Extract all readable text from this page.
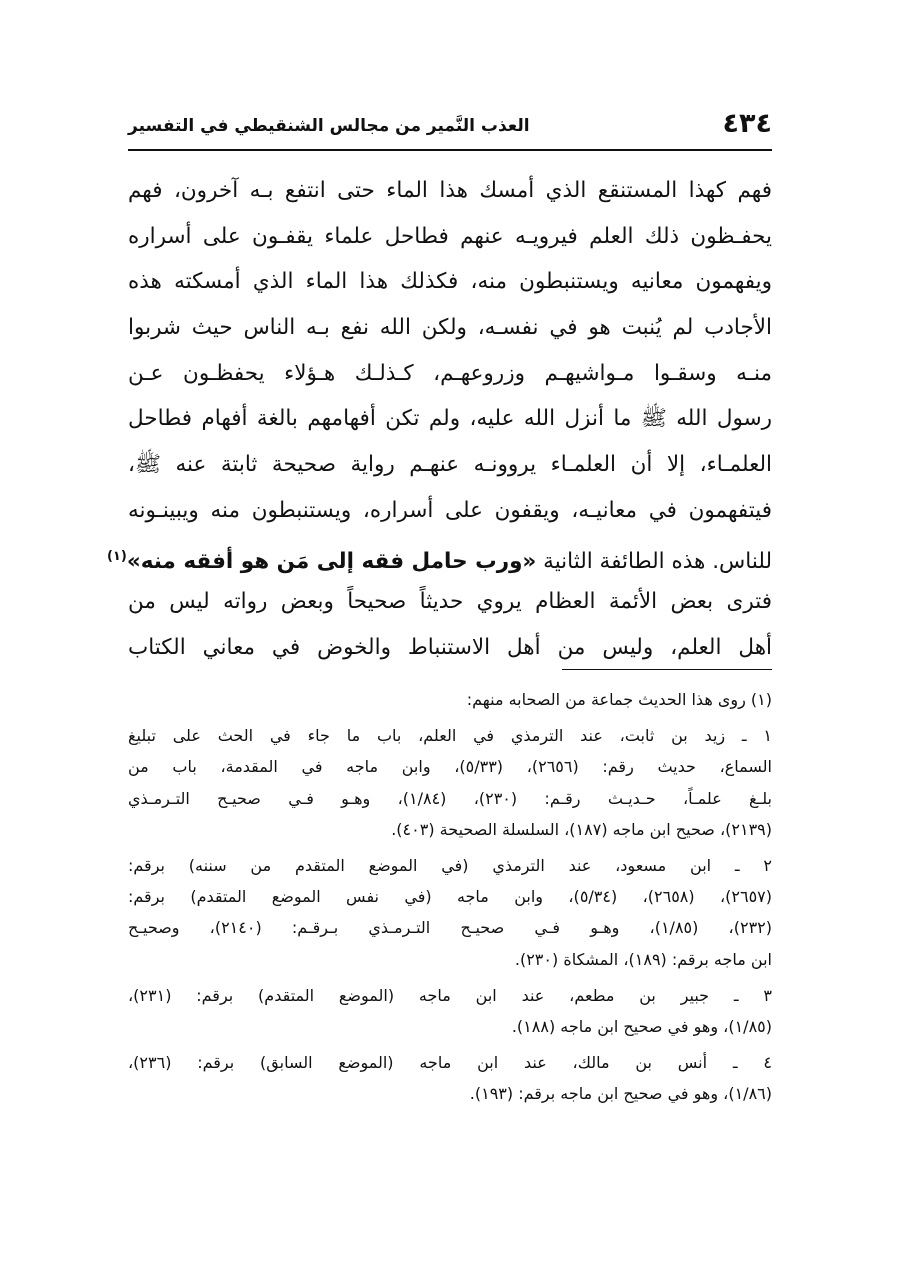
٤٣٤
العذب النَّمير من مجالس الشنقيطي في التفسير
فهم كهذا المستنقع الذي أمسك هذا الماء حتى انتفع بـه آخرون، فهم
يحفـظون ذلك العلم فيرويـه عنهم فطاحل علماء يقفـون على أسراره
ويفهمون معانيه ويستنبطون منه، فكذلك هذا الماء الذي أمسكته هذه
الأجادب لم يُنبت هو في نفسـه، ولكن الله نفع بـه الناس حيث شربوا
منـه وسقـوا مـواشيهـم وزروعهـم، كـذلـك هـؤلاء يحفظـون عـن
رسول الله ﷺ ما أنزل الله عليه، ولم تكن أفهامهم بالغة أفهام فطاحل
العلمـاء، إلا أن العلمـاء يروونـه عنهـم رواية صحيحة ثابتة عنه ﷺ،
فيتفهمون في معانيـه، ويقفون على أسراره، ويستنبطون منه ويبينـونه
للناس. هذه الطائفة الثانية «ورب حامل فقه إلى مَن هو أفقه منه»$^{(١)}$
فترى بعض الأئمة العظام يروي حديثاً صحيحاً وبعض رواته ليس من
أهل العلم، وليس من أهل الاستنباط والخوض في معاني الكتاب
(١) روى هذا الحديث جماعة من الصحابه منهم:
١ ـ زيد بن ثابت، عند الترمذي في العلم، باب ما جاء في الحث على تبليغ
السماع، حديث رقم: (٢٦٥٦)، (٥/٣٣)، وابن ماجه في المقدمة، باب من
بلـغ علمـاً، حـديـث رقـم: (٢٣٠)، (١/٨٤)، وهـو فـي صحيـح التـرمـذي
(٢١٣٩)، صحيح ابن ماجه (١٨٧)، السلسلة الصحيحة (٤٠٣).
٢ ـ ابن مسعود، عند الترمذي (في الموضع المتقدم من سننه) برقم:
(٢٦٥٧)، (٢٦٥٨)، (٥/٣٤)، وابن ماجه (في نفس الموضع المتقدم) برقم:
(٢٣٢)، (١/٨٥)، وهـو فـي صحيـح التـرمـذي بـرقـم: (٢١٤٠)، وصحيـح
ابن ماجه برقم: (١٨٩)، المشكاة (٢٣٠).
٣ ـ جبير بن مطعم، عند ابن ماجه (الموضع المتقدم) برقم: (٢٣١)،
(١/٨٥)، وهو في صحيح ابن ماجه (١٨٨).
٤ ـ أنس بن مالك، عند ابن ماجه (الموضع السابق) برقم: (٢٣٦)،
(١/٨٦)، وهو في صحيح ابن ماجه برقم: (١٩٣).
